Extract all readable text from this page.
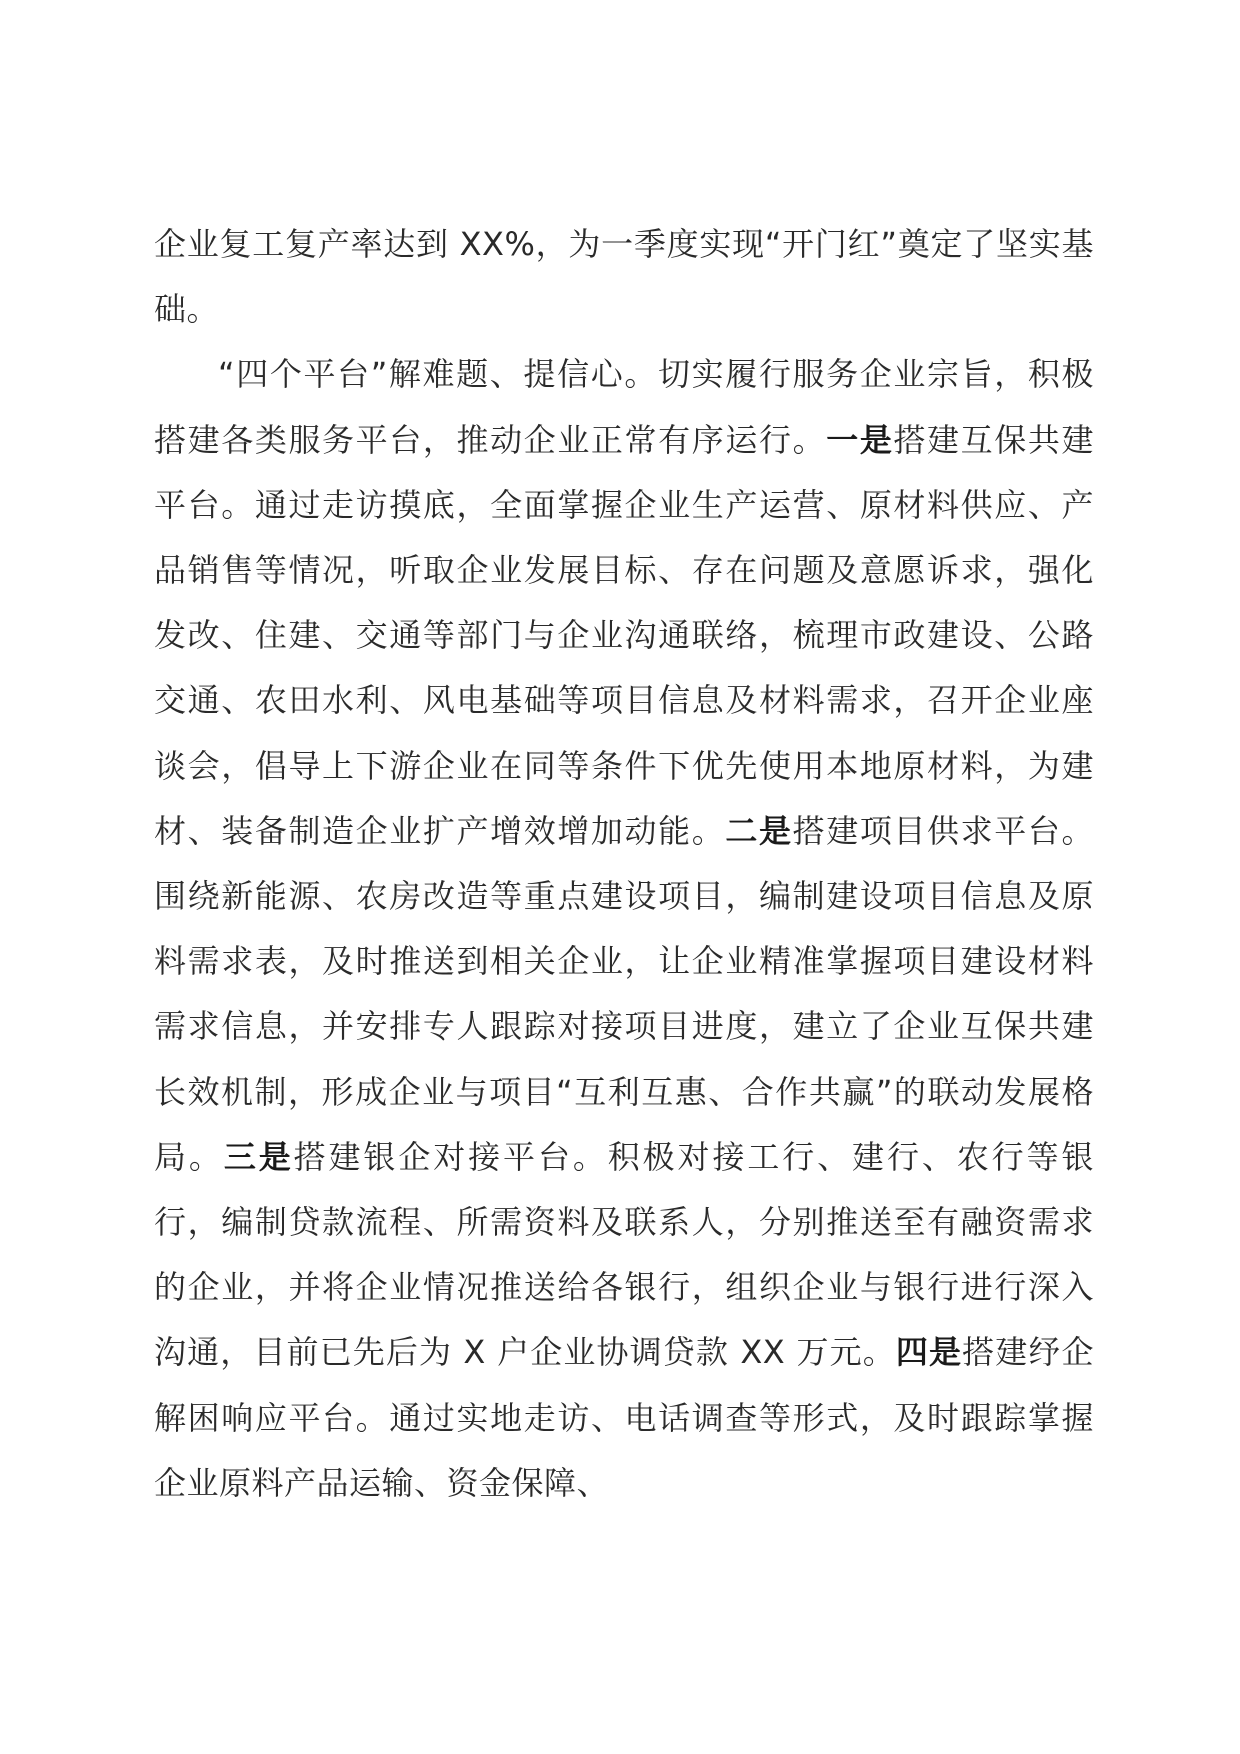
企业复工复产率达到 XX%，为一季度实现“开门红”奠定了坚实基础。

“四个平台”解难题、提信心。切实履行服务企业宗旨，积极搭建各类服务平台，推动企业正常有序运行。一是搭建互保共建平台。通过走访摸底，全面掌握企业生产运营、原材料供应、产品销售等情况，听取企业发展目标、存在问题及意愿诉求，强化发改、住建、交通等部门与企业沟通联络，梳理市政建设、公路交通、农田水利、风电基础等项目信息及材料需求，召开企业座谈会，倡导上下游企业在同等条件下优先使用本地原材料，为建材、装备制造企业扩产增效增加动能。二是搭建项目供求平台。围绕新能源、农房改造等重点建设项目，编制建设项目信息及原料需求表，及时推送到相关企业，让企业精准掌握项目建设材料需求信息，并安排专人跟踪对接项目进度，建立了企业互保共建长效机制，形成企业与项目“互利互惠、合作共赢”的联动发展格局。三是搭建银企对接平台。积极对接工行、建行、农行等银行，编制贷款流程、所需资料及联系人，分别推送至有融资需求的企业，并将企业情况推送给各银行，组织企业与银行进行深入沟通，目前已先后为 X 户企业协调贷款 XX 万元。四是搭建纾企解困响应平台。通过实地走访、电话调查等形式，及时跟踪掌握企业原料产品运输、资金保障、
